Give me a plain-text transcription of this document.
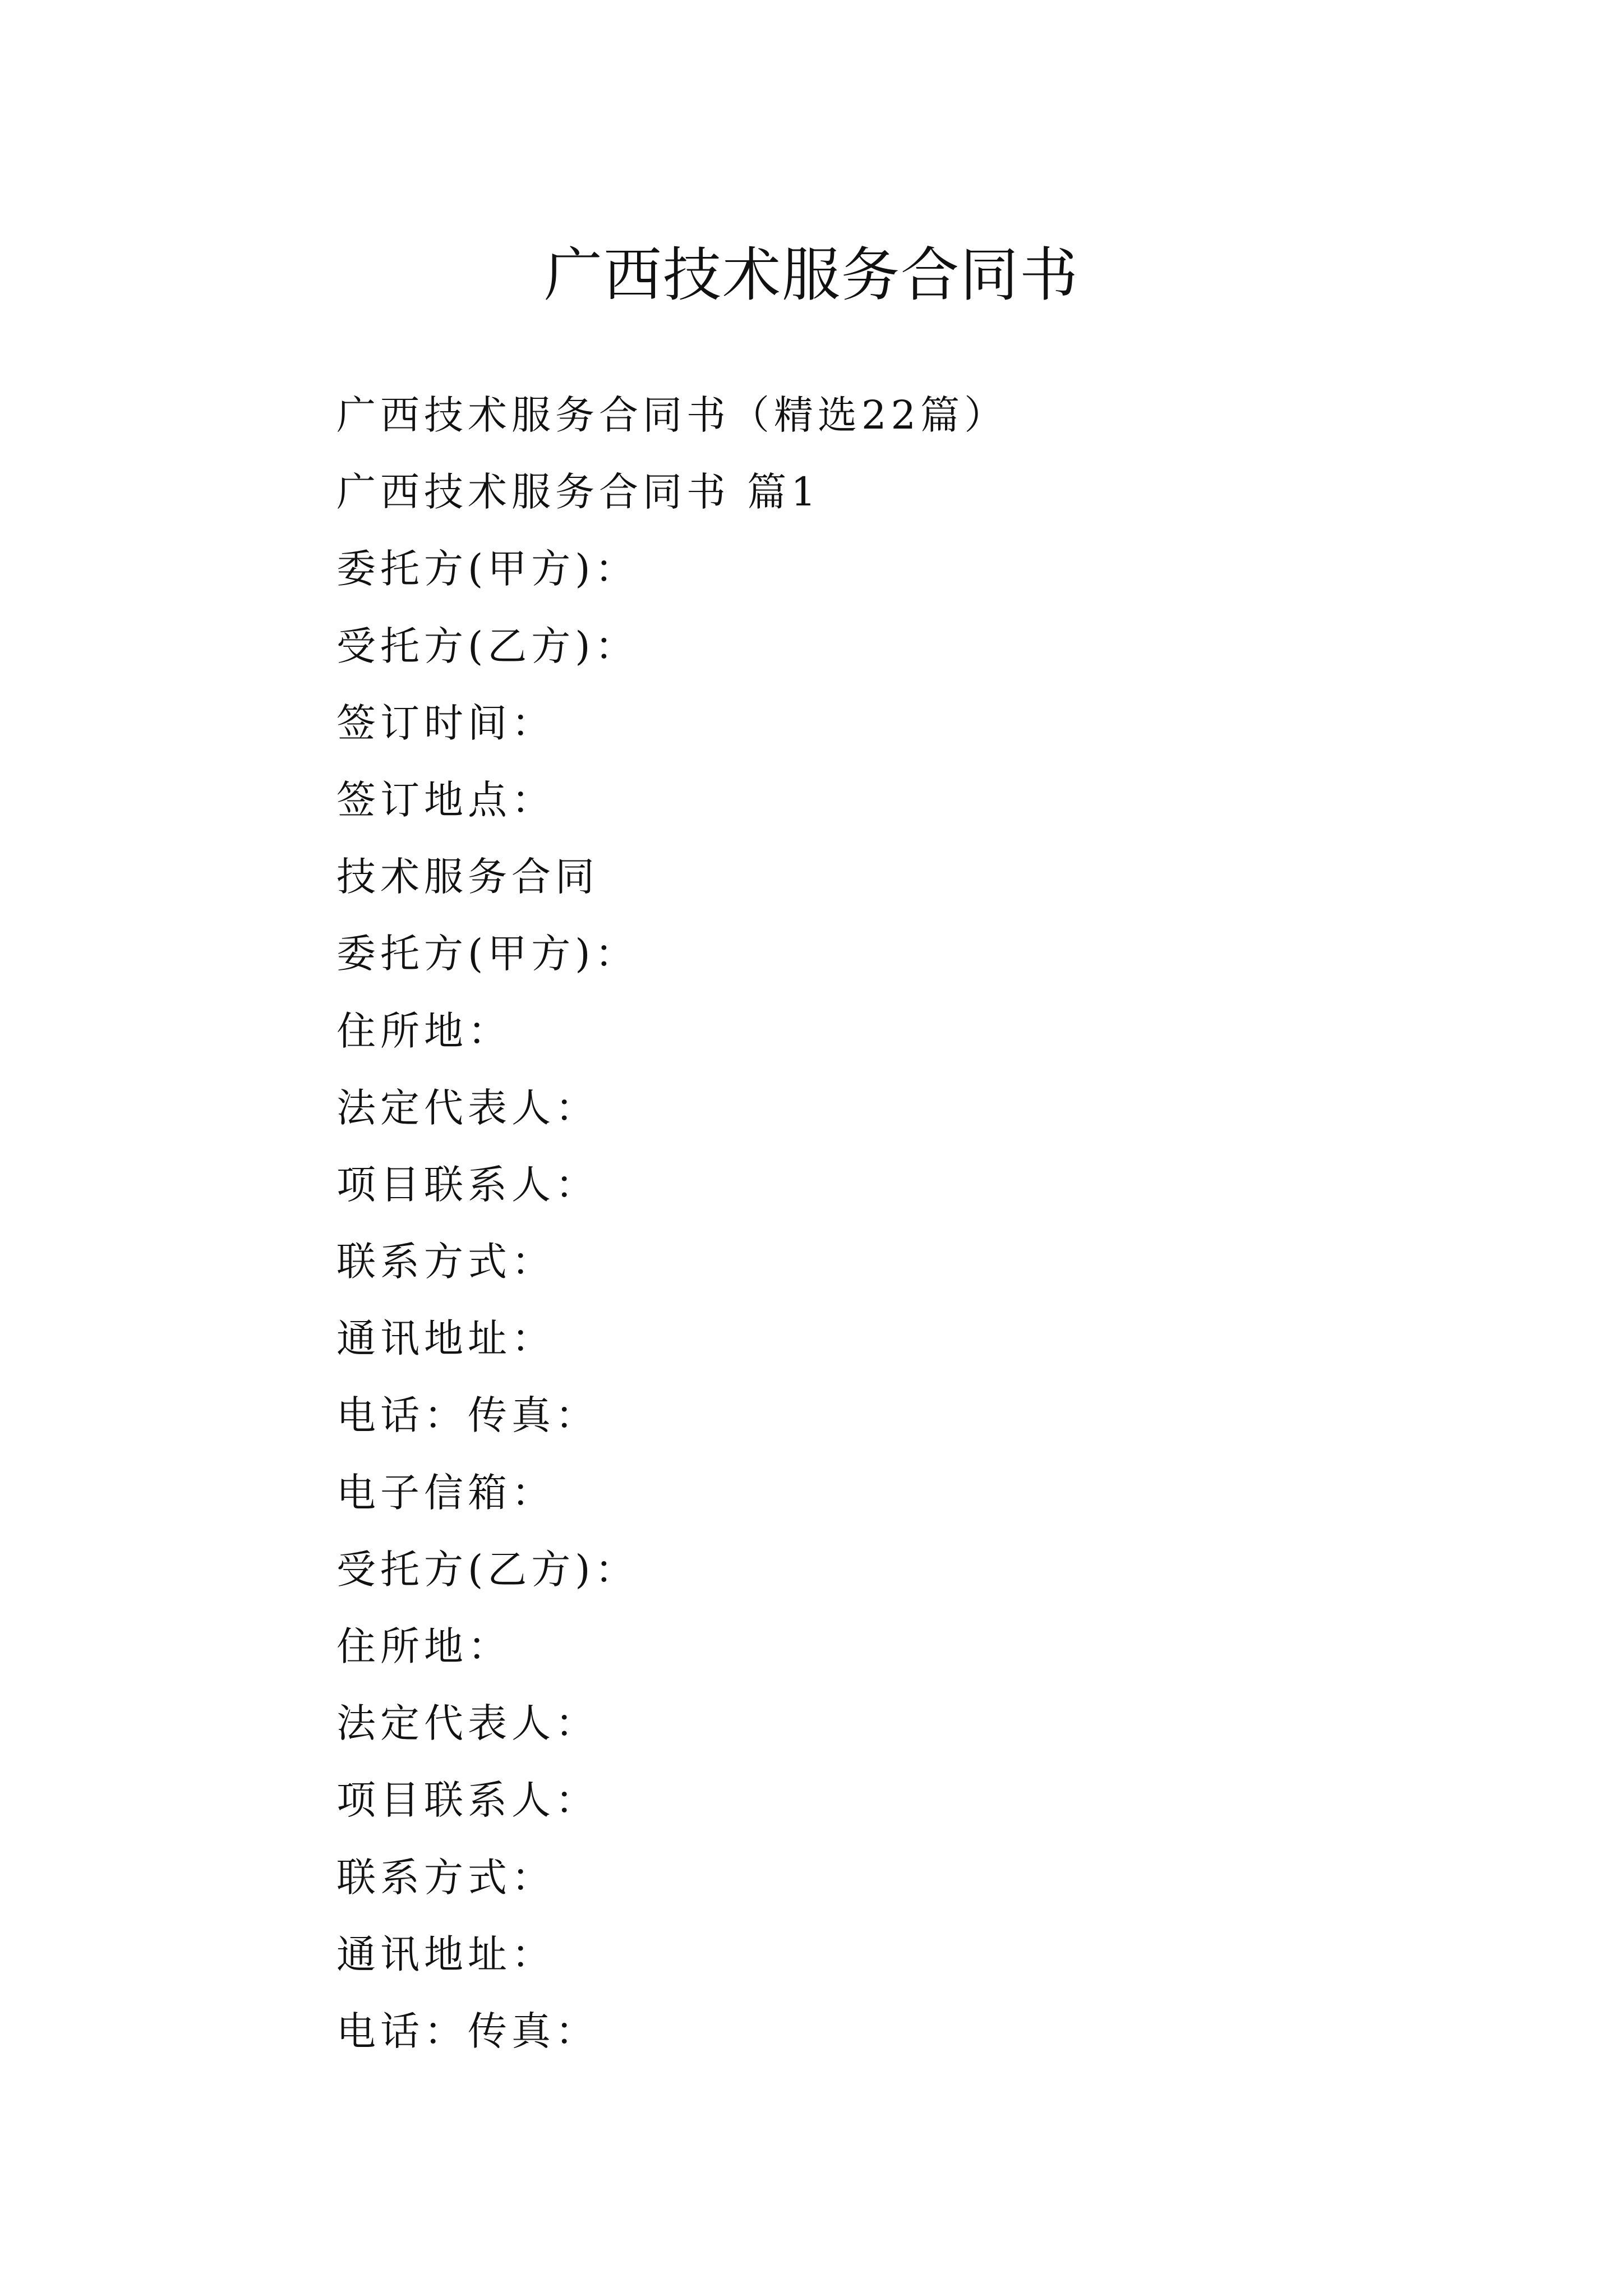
广西技术服务合同书
广西技术服务合同书（精选22篇）
广西技术服务合同书 篇1
委托方(甲方)：
受托方(乙方)：
签订时间：
签订地点：
技术服务合同
委托方(甲方)：
住所地：
法定代表人：
项目联系人：
联系方式：
通讯地址：
电话：传真：
电子信箱：
受托方(乙方)：
住所地：
法定代表人：
项目联系人：
联系方式：
通讯地址：
电话：传真：
